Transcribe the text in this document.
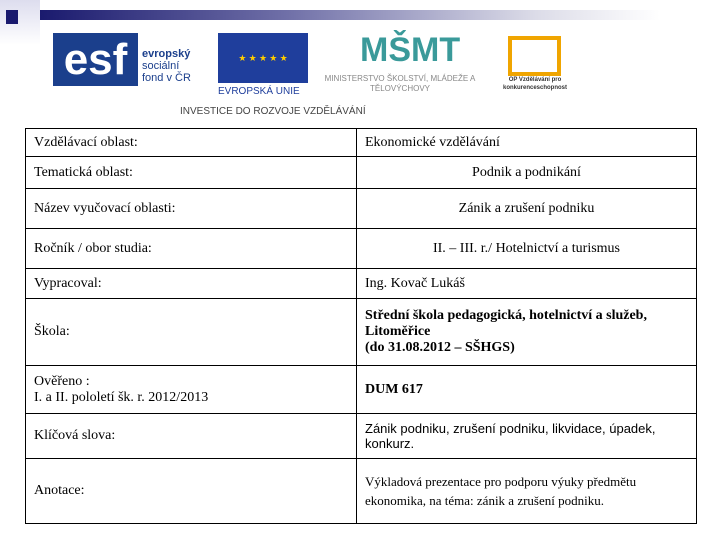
esf	evropský
sociální
fond v ČR
★ ★ ★ ★ ★
EVROPSKÁ UNIE
MŠMT
MINISTERSTVO ŠKOLSTVÍ, MLÁDEŽE A TĚLOVÝCHOVY
OP Vzdělávání pro konkurenceschopnost
INVESTICE DO ROZVOJE VZDĚLÁVÁNÍ
Vzdělávací oblast:	Ekonomické vzdělávání
Tematická oblast:	Podnik a podnikání
Název vyučovací oblasti:	Zánik a zrušení podniku
Ročník / obor studia:	II. – III. r./ Hotelnictví a turismus
Vypracoval:	Ing. Kovač Lukáš
Škola:	Střední škola pedagogická, hotelnictví a služeb, Litoměřice
(do 31.08.2012 – SŠHGS)

Ověřeno :
I. a II. pololetí šk. r. 2012/2013	DUM 617
Klíčová slova:	Zánik podniku, zrušení podniku, likvidace, úpadek, konkurz.
Anotace:	Výkladová prezentace pro podporu výuky předmětu ekonomika, na téma: zánik a zrušení podniku.
